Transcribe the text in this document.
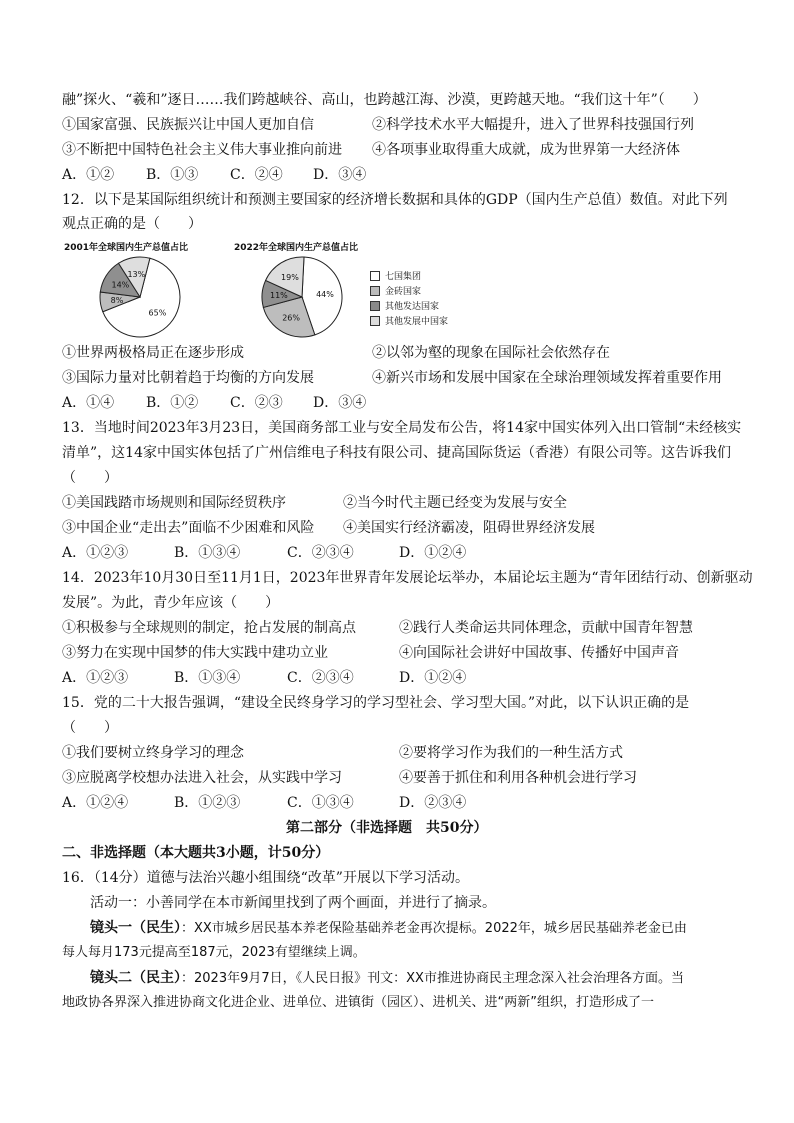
融”探火、“羲和”逐日……我们跨越峡谷、高山，也跨越江海、沙漠，更跨越天地。“我们这十年”（　　）
①国家富强、民族振兴让中国人更加自信	②科学技术水平大幅提升，进入了世界科技强国行列
③不断把中国特色社会主义伟大事业推向前进 ④各项事业取得重大成就，成为世界第一大经济体
A．①② B．①③ C．②④ D．③④
12．以下是某国际组织统计和预测主要国家的经济增长数据和具体的GDP（国内生产总值）数值。对此下列
观点正确的是（　　）
2001年全球国内生产总值占比	2022年全球国内生产总值占比
65%
8%
14%
13%
44%
26%
11%
19%	七国集团
金砖国家
其他发达国家
其他发展中国家
①世界两极格局正在逐步形成	②以邻为壑的现象在国际社会依然存在
③国际力量对比朝着趋于均衡的方向发展	④新兴市场和发展中国家在全球治理领域发挥着重要作用
A．①④ B．①② C．②③ D．③④
13．当地时间2023年3月23日，美国商务部工业与安全局发布公告，将14家中国实体列入出口管制“未经核实
清单”，这14家中国实体包括了广州信维电子科技有限公司、捷高国际货运（香港）有限公司等。这告诉我们
（　　）
①美国践踏市场规则和国际经贸秩序	②当今时代主题已经变为发展与安全
③中国企业“走出去”面临不少困难和风险 ④美国实行经济霸凌，阻碍世界经济发展
A．①②③	B．①③④	C．②③④	D．①②④
14．2023年10月30日至11月1日，2023年世界青年发展论坛举办，本届论坛主题为“青年团结行动、创新驱动
发展”。为此，青少年应该（　　）
①积极参与全球规则的制定，抢占发展的制高点	②践行人类命运共同体理念，贡献中国青年智慧
③努力在实现中国梦的伟大实践中建功立业	④向国际社会讲好中国故事、传播好中国声音
A．①②③	B．①③④	C．②③④	D．①②④
15．党的二十大报告强调，“建设全民终身学习的学习型社会、学习型大国。”对此，以下认识正确的是
（　　）
①我们要树立终身学习的理念	②要将学习作为我们的一种生活方式
③应脱离学校想办法进入社会，从实践中学习	④要善于抓住和利用各种机会进行学习
A．①②④	B．①②③	C．①③④	D．②③④
第二部分（非选择题　共50分）
二、非选择题（本大题共3小题，计50分）
16．（14分）道德与法治兴趣小组围绕“改革”开展以下学习活动。
活动一：小善同学在本市新闻里找到了两个画面，并进行了摘录。
镜头一（民生）：XX市城乡居民基本养老保险基础养老金再次提标。2022年，城乡居民基础养老金已由
每人每月173元提高至187元，2023有望继续上调。
镜头二（民主）：2023年9月7日，《人民日报》刊文：XX市推进协商民主理念深入社会治理各方面。当
地政协各界深入推进协商文化进企业、进单位、进镇街（园区）、进机关、进“两新”组织，打造形成了一
